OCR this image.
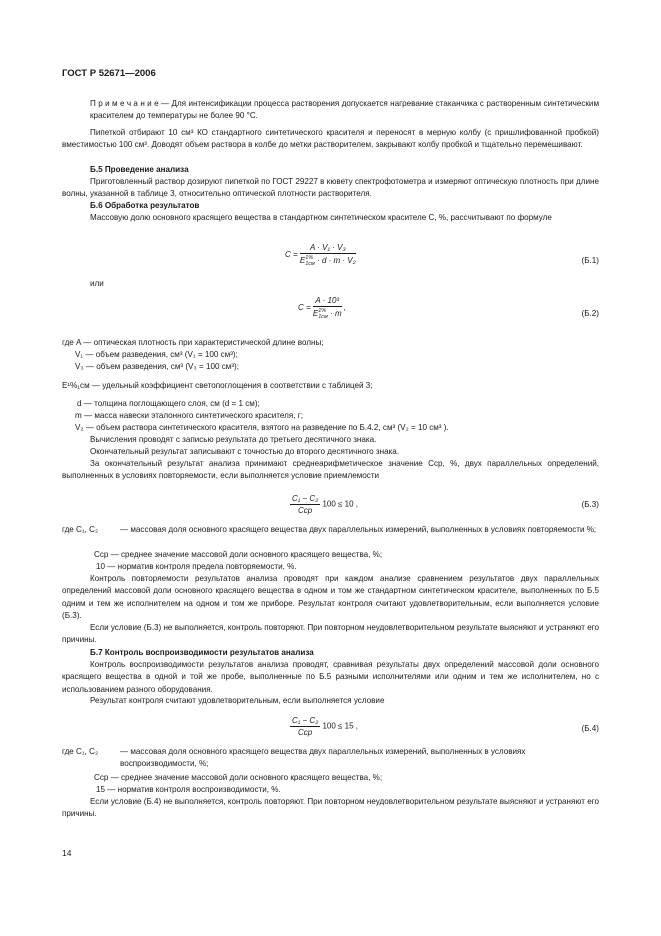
ГОСТ Р 52671—2006
П р и м е ч а н и е — Для интенсификации процесса растворения допускается нагревание стаканчика с растворенным синтетическим красителем до температуры не более 90 °С.
Пипеткой отбирают 10 см³ КО стандартного синтетического красителя и переносят в мерную колбу (с пришлифованной пробкой) вместимостью 100 см³. Доводят объем раствора в колбе до метки растворителем, закрывают колбу пробкой и тщательно перемешивают.
Б.5 Проведение анализа
Приготовленный раствор дозируют пипеткой по ГОСТ 29227 в кювету спектрофотометра и измеряют оптическую плотность при длине волны, указанной в таблице 3, относительно оптической плотности растворителя.
Б.6 Обработка результатов
Массовую долю основного красящего вещества в стандартном синтетическом красителе С, %, рассчитывают по формуле
C = A · V₁ · V₃
E 1%
1см · d · m · V₂	(Б.1)
или
C = A · 10³
E 1%
1см · m ,
(Б.2)
где A — оптическая плотность при характеристической длине волны;
V₁ — объем разведения, см³ (V₁ = 100 см³);
V₃ — объем разведения, см³ (V₃ = 100 см³);
E¹%₁см — удельный коэффициент светопоглощения в соответствии с таблицей 3;
d — толщина поглощающего слоя, см (d = 1 см);
m — масса навески эталонного синтетического красителя, г;
V₂ — объем раствора синтетического красителя, взятого на разведение по Б.4.2, см³ (V₂ = 10 см³ ).
Вычисления проводят с записью результата до третьего десятичного знака.
Окончательный результат записывают с точностью до второго десятичного знака.
За окончательный результат анализа принимают среднеарифметическое значение Сср, %, двух параллельных определений, выполненных в условиях повторяемости, если выполняется условие приемлемости
$\frac{\text{C₁ − C₂}}{\text{Cср}} 100 \le 10$ ,	(Б.3)
где C₁, C₂	— массовая доля основного красящего вещества двух параллельных измерений, выполненных в условиях повторяемости %;
Cср — среднее значение массовой доли основного красящего вещества, %;
10 — норматив контроля предела повторяемости, %.
Контроль повторяемости результатов анализа проводят при каждом анализе сравнением результатов двух параллельных определений массовой доли основного красящего вещества в одном и том же стандартном синтетическом красителе, выполненных по Б.5 одним и тем же исполнителем на одном и том же приборе. Результат контроля считают удовлетворительным, если выполняется условие (Б.3).
Если условие (Б.3) не выполняется, контроль повторяют. При повторном неудовлетворительном результате выясняют и устраняют его причины.
Б.7 Контроль воспроизводимости результатов анализа
Контроль воспроизводимости результатов анализа проводят, сравнивая результаты двух определений массовой доли основного красящего вещества в одной и той же пробе, выполненные по Б.5 разными исполнителями или одним и тем же исполнителем, но с использованием разного оборудования.
Результат контроля считают удовлетворительным, если выполняется условие
$\frac{\text{C₁ − C₂}}{\text{Cср}} 100 \le 15$ ,	(Б.4)
где C₁, C₂	— массовая доля основного красящего вещества двух параллельных измерений, выполненных в условиях воспроизводимости, %;
Cср — среднее значение массовой доли основного красящего вещества, %;
15 — норматив контроля воспроизводимости, %.
Если условие (Б.4) не выполняется, контроль повторяют. При повторном неудовлетворительном результате выясняют и устраняют его причины.
14
